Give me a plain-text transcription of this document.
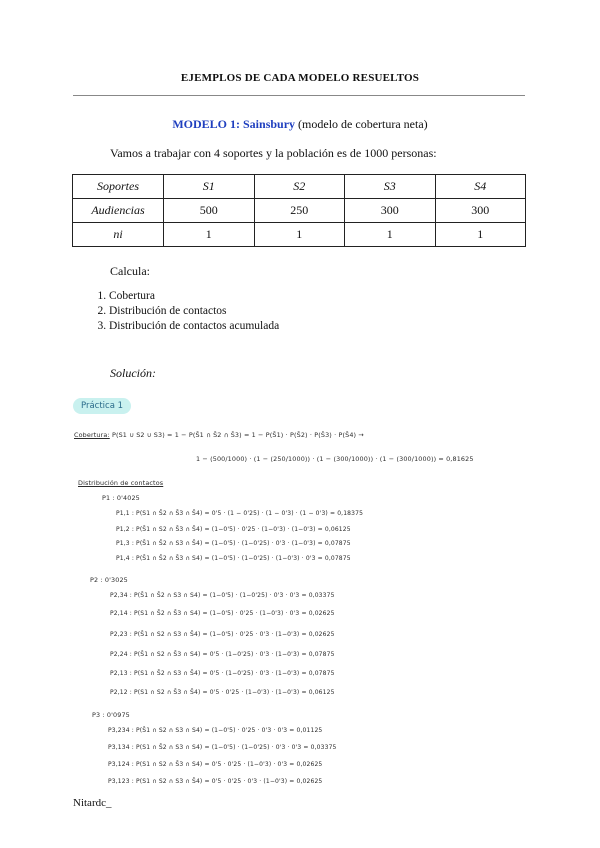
EJEMPLOS DE CADA MODELO RESUELTOS
MODELO 1: Sainsbury (modelo de cobertura neta)
Vamos a trabajar con 4 soportes y la población es de 1000 personas:
Soportes	S1	S2	S3	S4
Audiencias	500	250	300	300
ni	1	1	1	1
Calcula:
1. Cobertura
2. Distribución de contactos
3. Distribución de contactos acumulada
Solución:
Práctica 1
Cobertura: P(S1 ∪ S2 ∪ S3) = 1 − P(S̄1 ∩ S̄2 ∩ S̄3) = 1 − P(S̄1) · P(S̄2) · P(S̄3) · P(S̄4) →
1 − (500/1000) · (1 − (250/1000)) · (1 − (300/1000)) · (1 − (300/1000)) = 0,81625
Distribución de contactos
P1 : 0'4025
P1,1 : P(S1 ∩ S̄2 ∩ S̄3 ∩ S̄4) = 0'5 · (1 − 0'25) · (1 − 0'3) · (1 − 0'3) = 0,18375
P1,2 : P(S̄1 ∩ S2 ∩ S̄3 ∩ S̄4) = (1−0'5) · 0'25 · (1−0'3) · (1−0'3) = 0,06125
P1,3 : P(S̄1 ∩ S̄2 ∩ S3 ∩ S̄4) = (1−0'5) · (1−0'25) · 0'3 · (1−0'3) = 0,07875
P1,4 : P(S̄1 ∩ S̄2 ∩ S̄3 ∩ S4) = (1−0'5) · (1−0'25) · (1−0'3) · 0'3 = 0,07875
P2 : 0'3025
P2,34 : P(S̄1 ∩ S̄2 ∩ S3 ∩ S4) = (1−0'5) · (1−0'25) · 0'3 · 0'3 = 0,03375
P2,14 : P(S1 ∩ S̄2 ∩ S̄3 ∩ S4) = (1−0'5) · 0'25 · (1−0'3) · 0'3 = 0,02625
P2,23 : P(S̄1 ∩ S2 ∩ S3 ∩ S̄4) = (1−0'5) · 0'25 · 0'3 · (1−0'3) = 0,02625
P2,24 : P(S̄1 ∩ S2 ∩ S̄3 ∩ S4) = 0'5 · (1−0'25) · 0'3 · (1−0'3) = 0,07875
P2,13 : P(S1 ∩ S̄2 ∩ S3 ∩ S̄4) = 0'5 · (1−0'25) · 0'3 · (1−0'3) = 0,07875
P2,12 : P(S1 ∩ S2 ∩ S̄3 ∩ S̄4) = 0'5 · 0'25 · (1−0'3) · (1−0'3) = 0,06125
P3 : 0'0975
P3,234 : P(S̄1 ∩ S2 ∩ S3 ∩ S4) = (1−0'5) · 0'25 · 0'3 · 0'3 = 0,01125
P3,134 : P(S1 ∩ S̄2 ∩ S3 ∩ S4) = (1−0'5) · (1−0'25) · 0'3 · 0'3 = 0,03375
P3,124 : P(S1 ∩ S2 ∩ S̄3 ∩ S4) = 0'5 · 0'25 · (1−0'3) · 0'3 = 0,02625
P3,123 : P(S1 ∩ S2 ∩ S3 ∩ S̄4) = 0'5 · 0'25 · 0'3 · (1−0'3) = 0,02625
Nitardc_
